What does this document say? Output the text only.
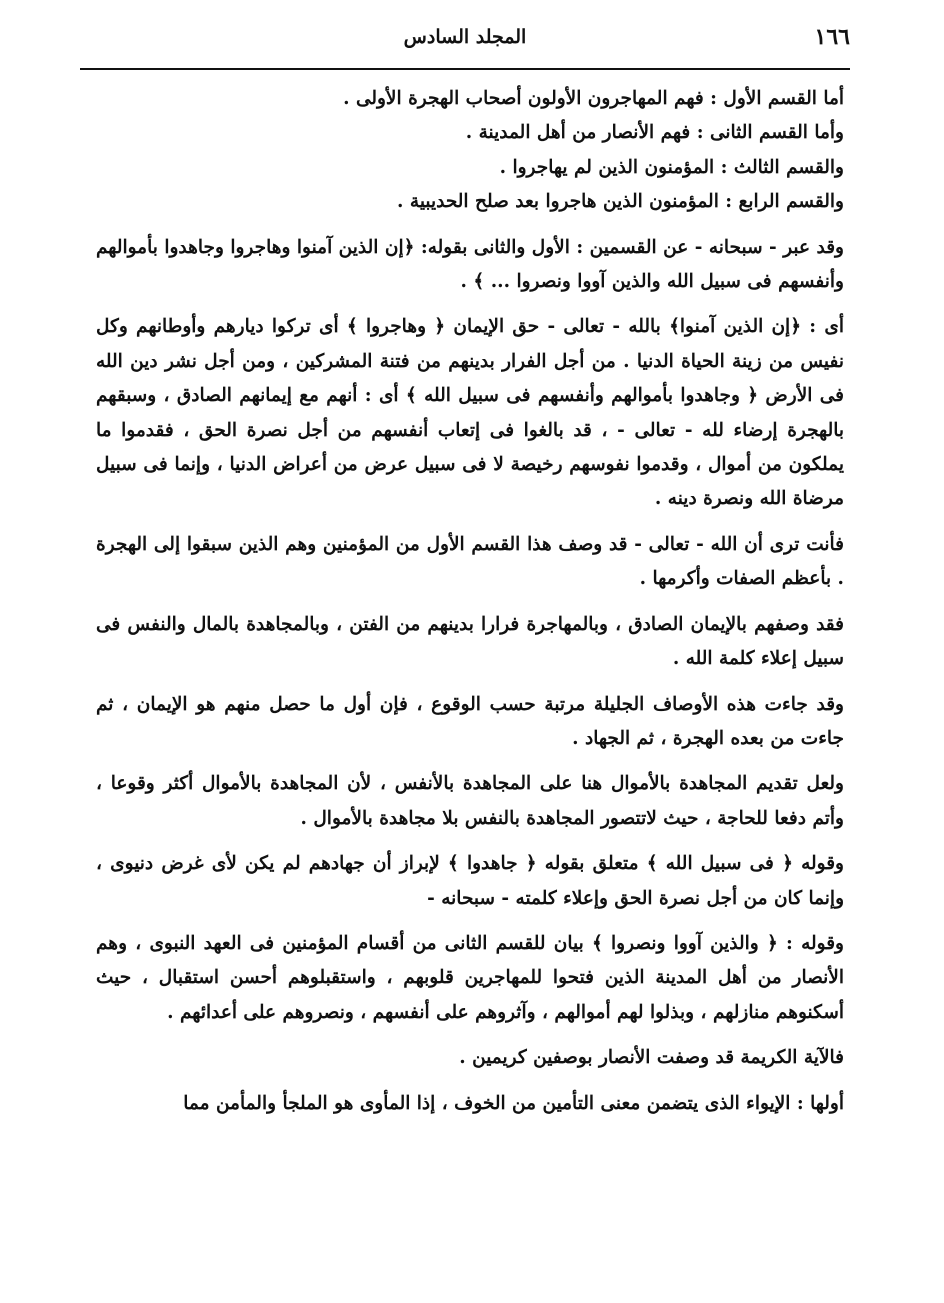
١٦٦
المجلد السادس

أما القسم الأول : فهم المهاجرون الأولون أصحاب الهجرة الأولى .

وأما القسم الثانى : فهم الأنصار من أهل المدينة .

والقسم الثالث : المؤمنون الذين لم يهاجروا .

والقسم الرابع : المؤمنون الذين هاجروا بعد صلح الحديبية .

وقد عبر - سبحانه - عن القسمين : الأول والثانى بقوله: ﴿إن الذين آمنوا وهاجروا وجاهدوا بأموالهم وأنفسهم فى سبيل الله والذين آووا ونصروا ... ﴾ .

أى : ﴿إن الذين آمنوا﴾ بالله - تعالى - حق الإيمان ﴿ وهاجروا ﴾ أى تركوا ديارهم وأوطانهم وكل نفيس من زينة الحياة الدنيا . من أجل الفرار بدينهم من فتنة المشركين ، ومن أجل نشر دين الله فى الأرض ﴿ وجاهدوا بأموالهم وأنفسهم فى سبيل الله ﴾ أى : أنهم مع إيمانهم الصادق ، وسبقهم بالهجرة إرضاء لله - تعالى - ، قد بالغوا فى إتعاب أنفسهم من أجل نصرة الحق ، فقدموا ما يملكون من أموال ، وقدموا نفوسهم رخيصة لا فى سبيل عرض من أعراض الدنيا ، وإنما فى سبيل مرضاة الله ونصرة دينه .

فأنت ترى أن الله - تعالى - قد وصف هذا القسم الأول من المؤمنين وهم الذين سبقوا إلى الهجرة . بأعظم الصفات وأكرمها .

فقد وصفهم بالإيمان الصادق ، وبالمهاجرة فرارا بدينهم من الفتن ، وبالمجاهدة بالمال والنفس فى سبيل إعلاء كلمة الله .

وقد جاءت هذه الأوصاف الجليلة مرتبة حسب الوقوع ، فإن أول ما حصل منهم هو الإيمان ، ثم جاءت من بعده الهجرة ، ثم الجهاد .

ولعل تقديم المجاهدة بالأموال هنا على المجاهدة بالأنفس ، لأن المجاهدة بالأموال أكثر وقوعا ، وأتم دفعا للحاجة ، حيث لاتتصور المجاهدة بالنفس بلا مجاهدة بالأموال .

وقوله ﴿ فى سبيل الله ﴾ متعلق بقوله ﴿ جاهدوا ﴾ لإبراز أن جهادهم لم يكن لأى غرض دنيوى ، وإنما كان من أجل نصرة الحق وإعلاء كلمته - سبحانه -

وقوله : ﴿ والذين آووا ونصروا ﴾ بيان للقسم الثانى من أقسام المؤمنين فى العهد النبوى ، وهم الأنصار من أهل المدينة الذين فتحوا للمهاجرين قلوبهم ، واستقبلوهم أحسن استقبال ، حيث أسكنوهم منازلهم ، وبذلوا لهم أموالهم ، وآثروهم على أنفسهم ، ونصروهم على أعدائهم .

فالآية الكريمة قد وصفت الأنصار بوصفين كريمين .

أولها : الإيواء الذى يتضمن معنى التأمين من الخوف ، إذا المأوى هو الملجأ والمأمن مما
